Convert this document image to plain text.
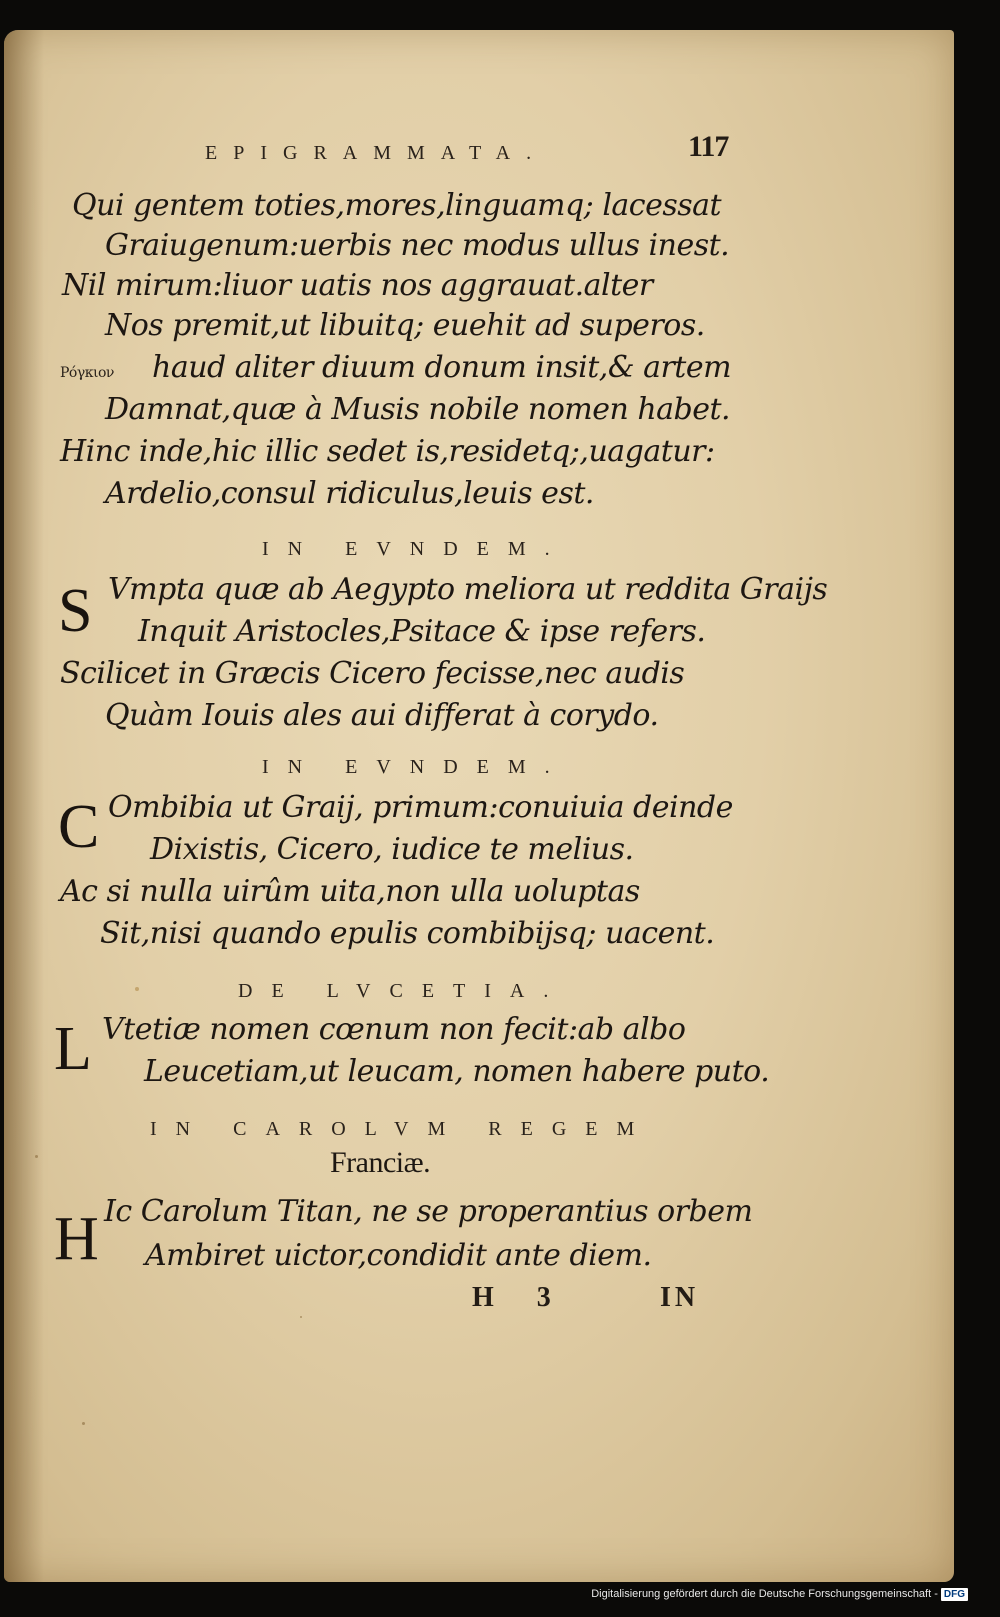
EPIGRAMMATA.	117
Qui gentem toties,mores,linguamq; lacessat
Graiugenum:uerbis nec modus ullus inest.
Nil mirum:liuor uatis nos aggrauat.alter
Nos premit,ut libuitq; euehit ad superos.
Pόγκιον haud aliter diuum donum insit,& artem
Damnat,quæ à Musis nobile nomen habet.
Hinc inde,hic illic sedet is,residetq;,uagatur:
Ardelio,consul ridiculus,leuis est.
IN EVNDEM.
S Vmpta quæ ab Aegypto meliora ut reddita Graijs
Inquit Aristocles,Psitace & ipse refers.
Scilicet in Græcis Cicero fecisse,nec audis
Quàm Iouis ales aui differat à corydo.
IN EVNDEM.
C Ombibia ut Graij, primum:conuiuia deinde
Dixistis, Cicero, iudice te melius.
Ac si nulla uirûm uita,non ulla uoluptas
Sit,nisi quando epulis combibijsq; uacent.
DE LVCETIA.
L Vtetiæ nomen cœnum non fecit:ab albo
Leucetiam,ut leucam, nomen habere puto.
IN CAROLVM REGEM
Franciæ.
H Ic Carolum Titan, ne se properantius orbem
Ambiret uictor,condidit ante diem.
H 3	IN
Digitalisierung gefördert durch die Deutsche Forschungsgemeinschaft - DFG
